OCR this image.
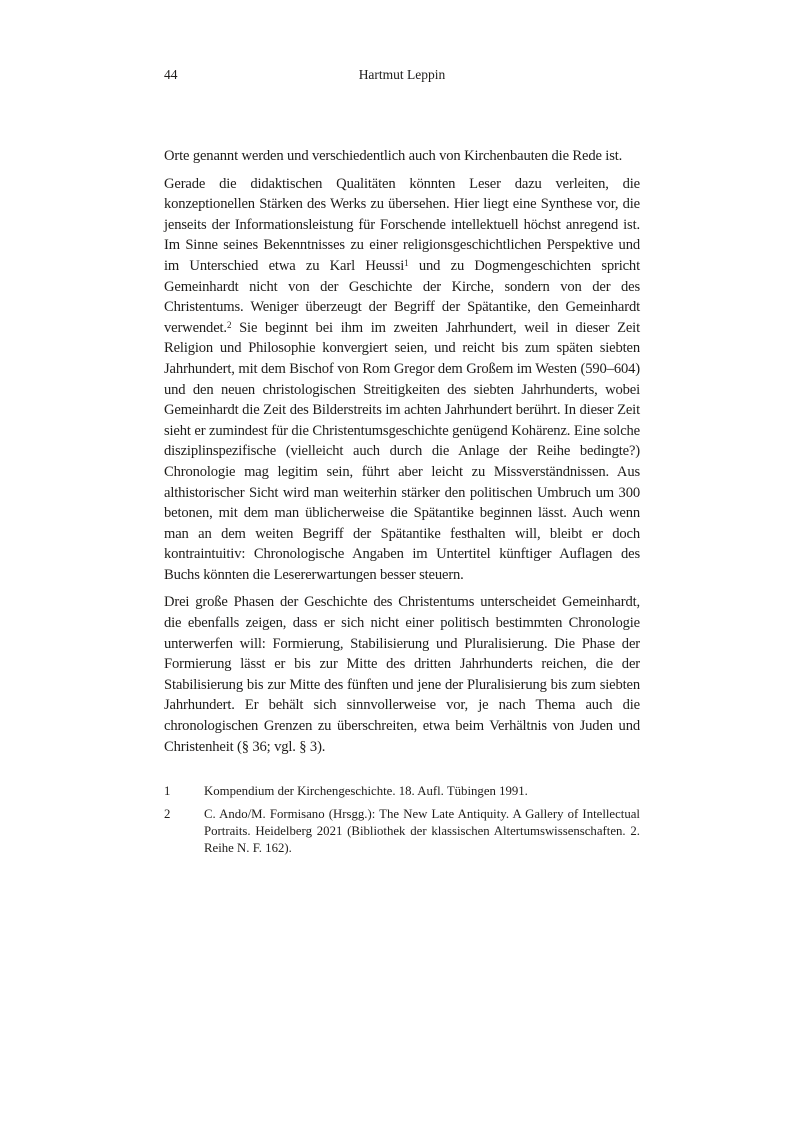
44	Hartmut Leppin

Orte genannt werden und verschiedentlich auch von Kirchenbauten die Rede ist.

Gerade die didaktischen Qualitäten könnten Leser dazu verleiten, die konzeptionellen Stärken des Werks zu übersehen. Hier liegt eine Synthese vor, die jenseits der Informationsleistung für Forschende intellektuell höchst anregend ist. Im Sinne seines Bekenntnisses zu einer religionsgeschichtlichen Perspektive und im Unterschied etwa zu Karl Heussi$^1$ und zu Dogmengeschichten spricht Gemeinhardt nicht von der Geschichte der Kirche, sondern von der des Christentums. Weniger überzeugt der Begriff der Spätantike, den Gemeinhardt verwendet.$^2$ Sie beginnt bei ihm im zweiten Jahrhundert, weil in dieser Zeit Religion und Philosophie konvergiert seien, und reicht bis zum späten siebten Jahrhundert, mit dem Bischof von Rom Gregor dem Großem im Westen (590–604) und den neuen christologischen Streitigkeiten des siebten Jahrhunderts, wobei Gemeinhardt die Zeit des Bilderstreits im achten Jahrhundert berührt. In dieser Zeit sieht er zumindest für die Christentumsgeschichte genügend Kohärenz. Eine solche disziplinspezifische (vielleicht auch durch die Anlage der Reihe bedingte?) Chronologie mag legitim sein, führt aber leicht zu Missverständnissen. Aus althistorischer Sicht wird man weiterhin stärker den politischen Umbruch um 300 betonen, mit dem man üblicherweise die Spätantike beginnen lässt. Auch wenn man an dem weiten Begriff der Spätantike festhalten will, bleibt er doch kontraintuitiv: Chronologische Angaben im Untertitel künftiger Auflagen des Buchs könnten die Lesererwartungen besser steuern.

Drei große Phasen der Geschichte des Christentums unterscheidet Gemeinhardt, die ebenfalls zeigen, dass er sich nicht einer politisch bestimmten Chronologie unterwerfen will: Formierung, Stabilisierung und Pluralisierung. Die Phase der Formierung lässt er bis zur Mitte des dritten Jahrhunderts reichen, die der Stabilisierung bis zur Mitte des fünften und jene der Pluralisierung bis zum siebten Jahrhundert. Er behält sich sinnvollerweise vor, je nach Thema auch die chronologischen Grenzen zu überschreiten, etwa beim Verhältnis von Juden und Christenheit (§ 36; vgl. § 3).

1	Kompendium der Kirchengeschichte. 18. Aufl. Tübingen 1991.
2	C. Ando/M. Formisano (Hrsgg.): The New Late Antiquity. A Gallery of Intellectual Portraits. Heidelberg 2021 (Bibliothek der klassischen Altertumswissenschaften. 2. Reihe N. F. 162).
